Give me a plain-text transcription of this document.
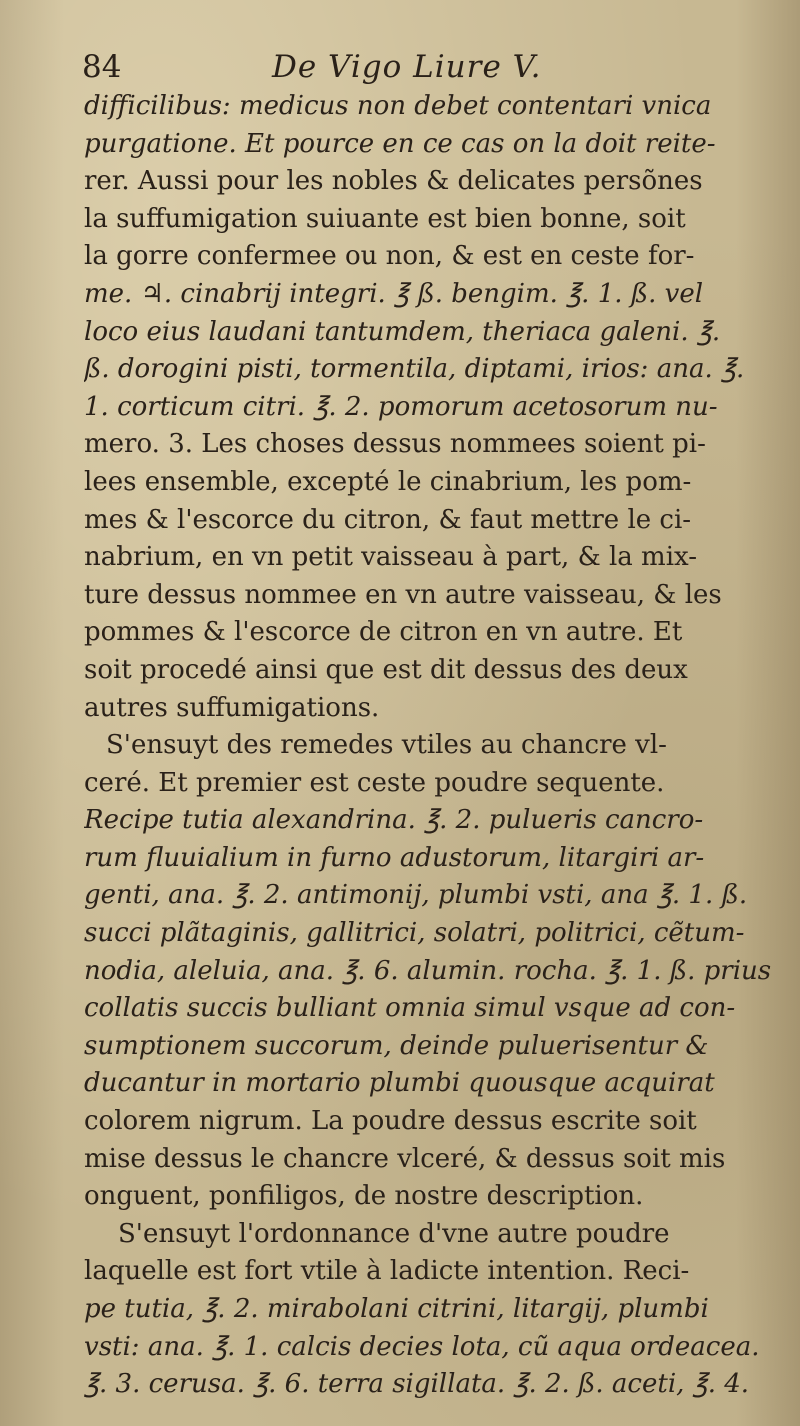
84	De Vigo Liure V.
difficilibus: medicus non debet contentari vnica
purgatione. Et pource en ce cas on la doit reite-
rer. Aussi pour les nobles & delicates persõnes
la suffumigation suiuante est bien bonne, soit
la gorre confermee ou non, & est en ceste for-
me. ♃. cinabrij integri. ℥ ß. bengim. ℥. 1. ß. vel
loco eius laudani tantumdem, theriaca galeni. ℥.
ß. dorogini pisti, tormentila, diptami, irios: ana. ℥.
1. corticum citri. ℥. 2. pomorum acetosorum nu-
mero. 3. Les choses dessus nommees soient pi-
lees ensemble, excepté le cinabrium, les pom-
mes & l'escorce du citron, & faut mettre le ci-
nabrium, en vn petit vaisseau à part, & la mix-
ture dessus nommee en vn autre vaisseau, & les
pommes & l'escorce de citron en vn autre. Et
soit procedé ainsi que est dit dessus des deux
autres suffumigations.
S'ensuyt des remedes vtiles au chancre vl-
ceré. Et premier est ceste poudre sequente.
Recipe tutia alexandrina. ℥. 2. pulueris cancro-
rum fluuialium in furno adustorum, litargiri ar-
genti, ana. ℥. 2. antimonij, plumbi vsti, ana ℥. 1. ß.
succi plãtaginis, gallitrici, solatri, politrici, cẽtum-
nodia, aleluia, ana. ℥. 6. alumin. rocha. ℥. 1. ß. prius
collatis succis bulliant omnia simul vsque ad con-
sumptionem succorum, deinde puluerisentur &
ducantur in mortario plumbi quousque acquirat
colorem nigrum. La poudre dessus escrite soit
mise dessus le chancre vlceré, & dessus soit mis
onguent, ponfiligos, de nostre description.
S'ensuyt l'ordonnance d'vne autre poudre
laquelle est fort vtile à ladicte intention. Reci-
pe tutia, ℥. 2. mirabolani citrini, litargij, plumbi
vsti: ana. ℥. 1. calcis decies lota, cũ aqua ordeacea.
℥. 3. cerusa. ℥. 6. terra sigillata. ℥. 2. ß. aceti, ℥. 4.
